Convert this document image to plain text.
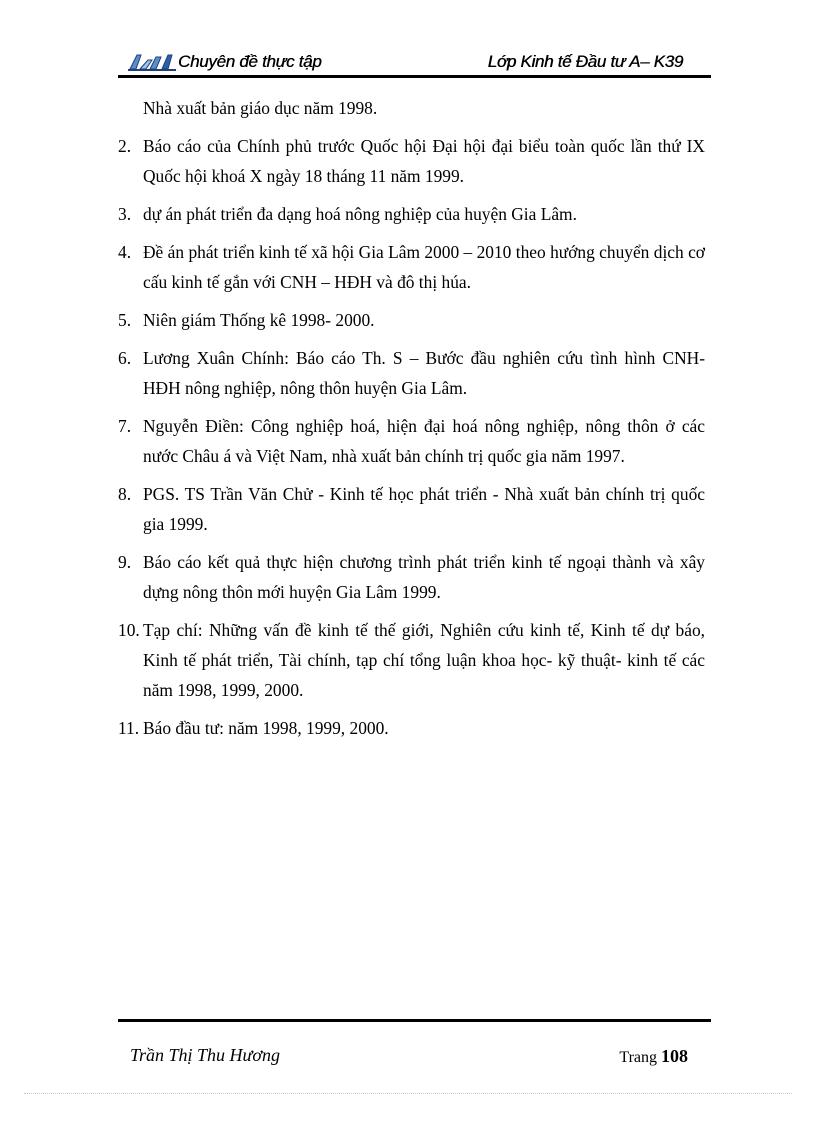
Chuyên đề thực tập	Lớp Kinh tế Đầu tư A– K39
Nhà xuất bản giáo dục năm 1998.
2. Báo cáo của Chính phủ trước Quốc hội Đại hội đại biểu toàn quốc lần thứ IX Quốc hội khoá X ngày 18 tháng 11 năm 1999.
3. dự án phát triển đa dạng hoá nông nghiệp của huyện Gia Lâm.
4. Đề án phát triển kinh tế xã hội Gia Lâm 2000 – 2010 theo hướng chuyển dịch cơ cấu kinh tế gắn với CNH – HĐH và đô thị húa.
5. Niên giám Thống kê 1998- 2000.
6. Lương Xuân Chính: Báo cáo Th. S – Bước đầu nghiên cứu tình hình CNH- HĐH nông nghiệp, nông thôn huyện Gia Lâm.
7. Nguyễn Điền: Công nghiệp hoá, hiện đại hoá nông nghiệp, nông thôn ở các nước Châu á và Việt Nam, nhà xuất bản chính trị quốc gia năm 1997.
8. PGS. TS Trần Văn Chử - Kinh tế học phát triển - Nhà xuất bản chính trị quốc gia 1999.
9. Báo cáo kết quả thực hiện chương trình phát triển kinh tế ngoại thành và xây dựng nông thôn mới huyện Gia Lâm 1999.
10. Tạp chí: Những vấn đề kinh tế thế giới, Nghiên cứu kinh tế, Kinh tế dự báo, Kinh tế phát triển, Tài chính, tạp chí tổng luận khoa học- kỹ thuật- kinh tế các năm 1998, 1999, 2000.
11. Báo đầu tư: năm 1998, 1999, 2000.
Trần Thị Thu Hương	Trang 108
